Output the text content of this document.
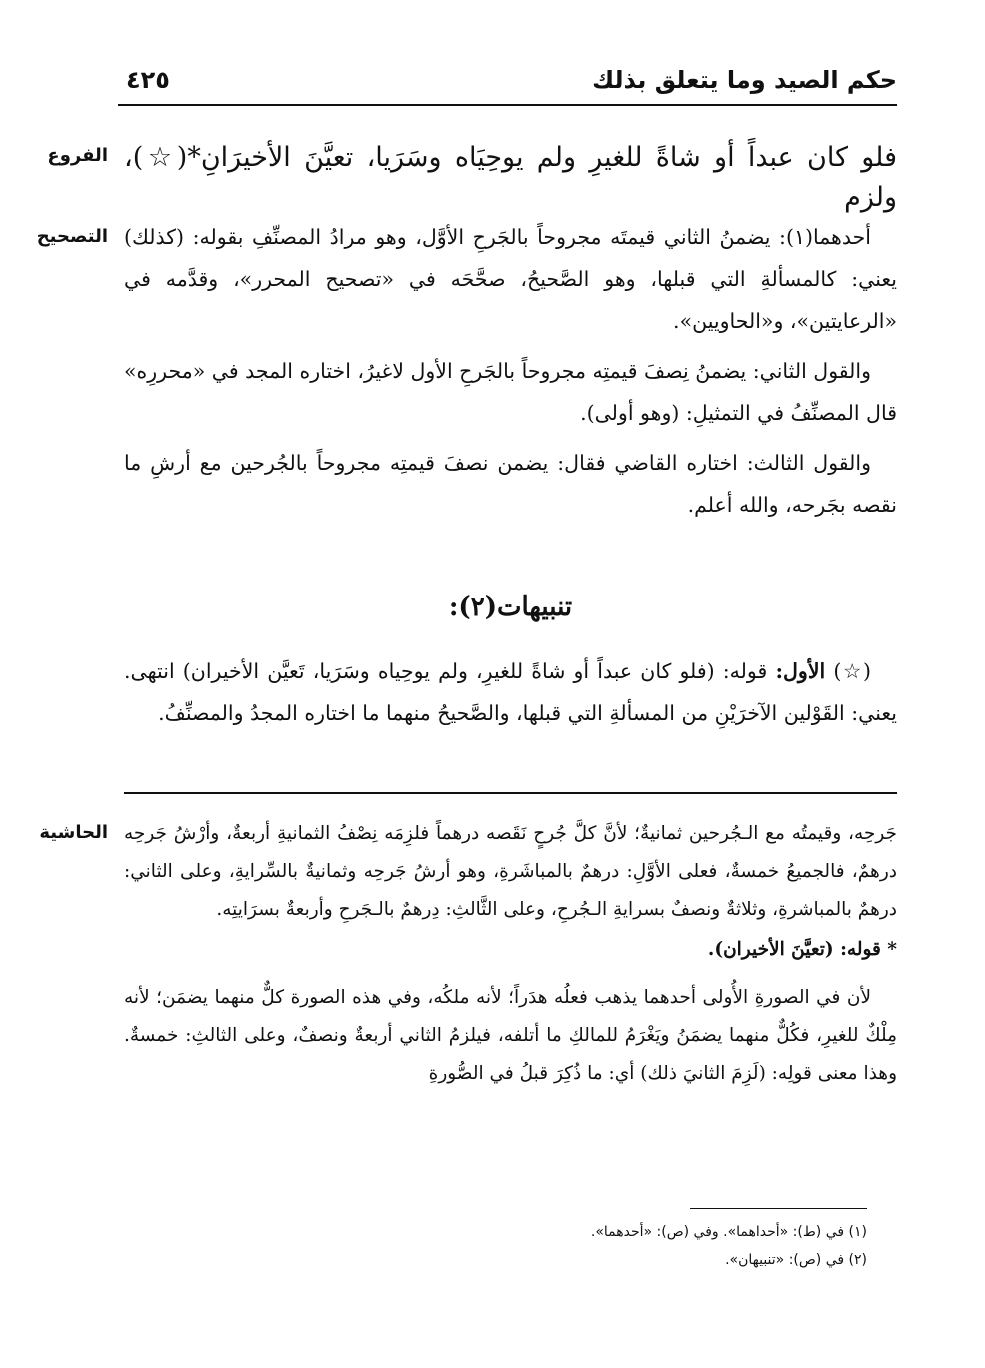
حكم الصيد وما يتعلق بذلك
٤٢٥
الفروع فلو كان عبداً أو شاةً للغيرِ ولم يوحِيَاه وسَرَيا، تعيَّنَ الأخيرَانِ*(☆)، ولزم
التصحيح أحدهما(١): يضمنُ الثاني قيمتَه مجروحاً بالجَرحِ الأوَّل، وهو مرادُ المصنِّفِ بقوله: (كذلك) يعني: كالمسألةِ التي قبلها، وهو الصَّحيحُ، صحَّحَه في «تصحيح المحرر»، وقدَّمه في «الرعايتين»، و«الحاويين».

والقول الثاني: يضمنُ نِصفَ قيمتِه مجروحاً بالجَرحِ الأول لاغيرُ، اختاره المجد في «محررِه» قال المصنِّفُ في التمثيلِ: (وهو أولى).

والقول الثالث: اختاره القاضي فقال: يضمن نصفَ قيمتِه مجروحاً بالجُرحين مع أرشِ ما نقصه بجَرحه، والله أعلم.

تنبيهات(٢):

(☆) الأول: قوله: (فلو كان عبداً أو شاةً للغيرِ، ولم يوحِياه وسَرَيا، تَعيَّن الأخيران) انتهى. يعني: القَوْلين الآخرَيْنِ من المسألةِ التي قبلها، والصَّحيحُ منهما ما اختاره المجدُ والمصنِّفُ.

الحاشية جَرحِه، وقيمتُه مع الـجُرحين ثمانيةٌ؛ لأنَّ كلَّ جُرحٍ نَقَصه درهماً فلزِمَه نِصْفُ الثمانيةِ أربعةٌ، وأرْشُ جَرحِه درهمٌ، فالجميعُ خمسةٌ، فعلى الأوَّلِ: درهمٌ بالمباشَرةِ، وهو أرشُ جَرحِه وثمانيةٌ بالسِّرايةِ، وعلى الثاني: درهمٌ بالمباشرةِ، وثلاثةٌ ونصفٌ بسرايةِ الـجُرحِ، وعلى الثَّالثِ: دِرهمٌ بالـجَرحِ وأربعةٌ بسرَايتِه.

* قوله: (تعيَّنَ الأخيران).

لأن في الصورةِ الأُولى أحدهما يذهب فعلُه هدَراً؛ لأنه ملكُه، وفي هذه الصورة كلٌّ منهما يضمَن؛ لأنه مِلْكٌ للغيرِ، فكُلٌّ منهما يضمَنُ ويَغْرَمُ للمالكِ ما أتلفه، فيلزمُ الثاني أربعةٌ ونصفٌ، وعلى الثالثِ: خمسةٌ. وهذا معنى قولِه: (لَزِمَ الثانيَ ذلك) أي: ما ذُكِرَ قبلُ في الصُّورةِ

(١) في (ط): «أحداهما». وفي (ص): «أحدهما».
(٢) في (ص): «تنبيهان».
